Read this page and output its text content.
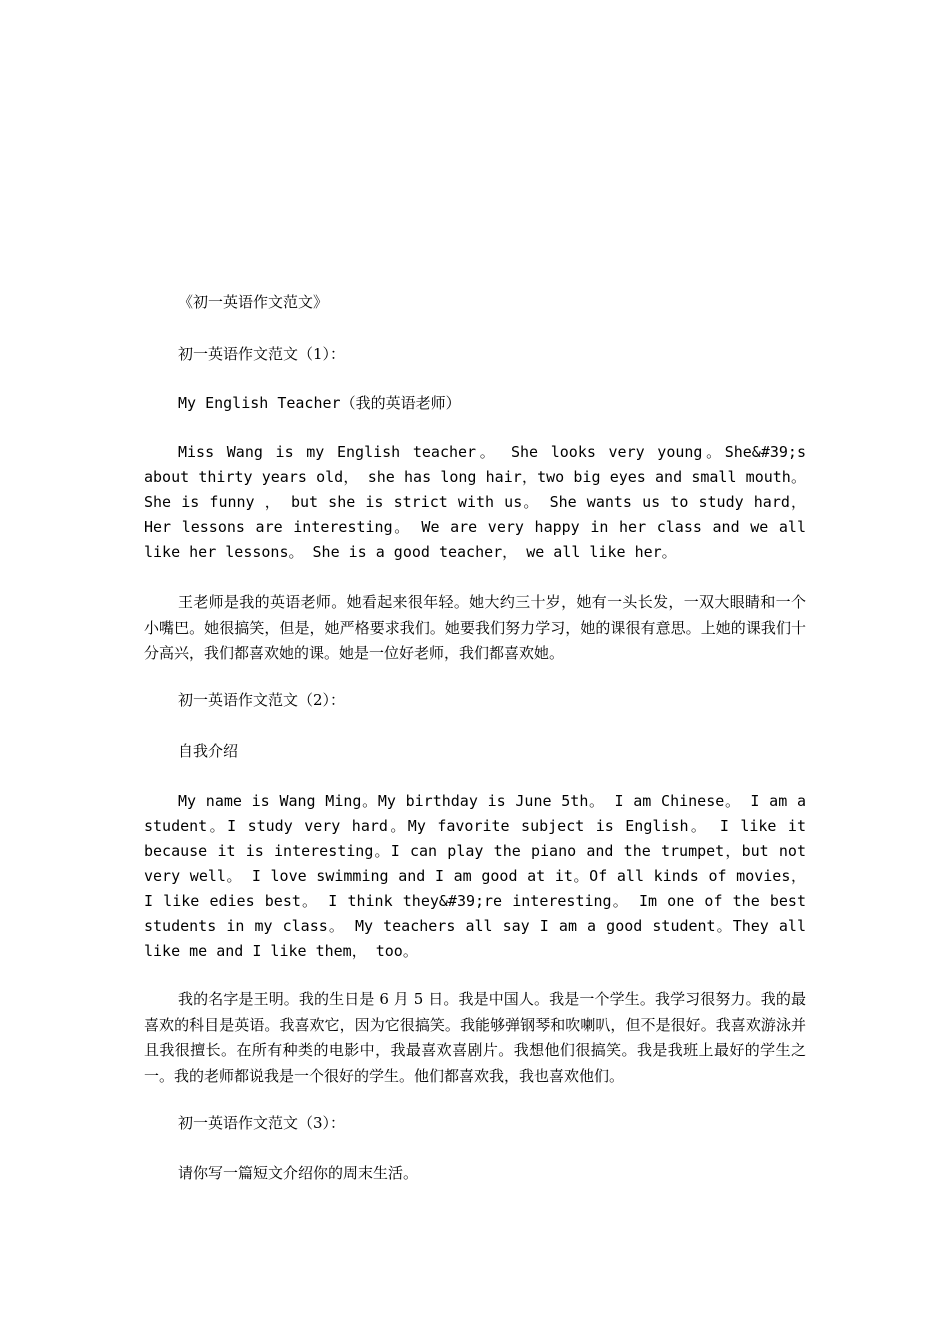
《初一英语作文范文》
初一英语作文范文（1）：
My English Teacher（我的英语老师）
Miss Wang is my English teacher。 She looks very young。She&#39;s about thirty years old， she has long hair，two big eyes and small mouth。 She is funny ， but she is strict with us。 She wants us to study hard，Her lessons are interesting。 We are very happy in her class and we all like her lessons。 She is a good teacher， we all like her。
王老师是我的英语老师。她看起来很年轻。她大约三十岁，她有一头长发，一双大眼睛和一个小嘴巴。她很搞笑，但是，她严格要求我们。她要我们努力学习，她的课很有意思。上她的课我们十分高兴，我们都喜欢她的课。她是一位好老师，我们都喜欢她。
初一英语作文范文（2）：
自我介绍
My name is Wang Ming。My birthday is June 5th。 I am Chinese。 I am a student。I study very hard。My favorite subject is English。 I like it because it is interesting。I can play the piano and the trumpet，but not very well。 I love swimming and I am good at it。Of all kinds of movies， I like edies best。 I think they&#39;re interesting。 Im one of the best students in my class。 My teachers all say I am a good student。They all like me and I like them， too。
我的名字是王明。我的生日是 6 月 5 日。我是中国人。我是一个学生。我学习很努力。我的最喜欢的科目是英语。我喜欢它，因为它很搞笑。我能够弹钢琴和吹喇叭，但不是很好。我喜欢游泳并且我很擅长。在所有种类的电影中，我最喜欢喜剧片。我想他们很搞笑。我是我班上最好的学生之一。我的老师都说我是一个很好的学生。他们都喜欢我，我也喜欢他们。
初一英语作文范文（3）：
请你写一篇短文介绍你的周末生活。
